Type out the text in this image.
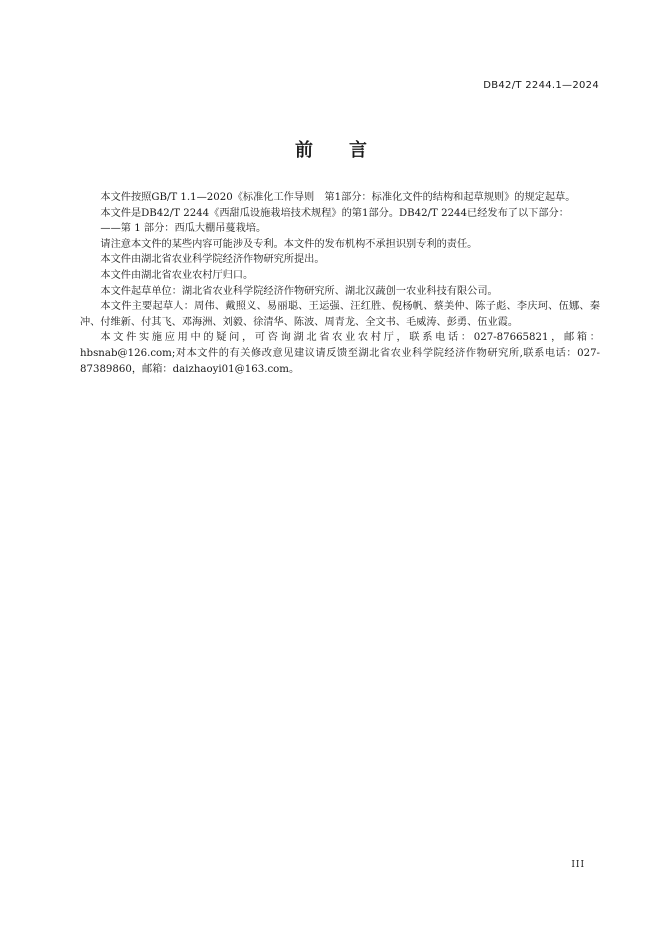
DB42/T 2244.1—2024
前言

本文件按照GB/T 1.1—2020《标准化工作导则　第1部分：标准化文件的结构和起草规则》的规定起草。

本文件是DB42/T 2244《西甜瓜设施栽培技术规程》的第1部分。DB42/T 2244已经发布了以下部分：

——第 1 部分：西瓜大棚吊蔓栽培。

请注意本文件的某些内容可能涉及专利。本文件的发布机构不承担识别专利的责任。

本文件由湖北省农业科学院经济作物研究所提出。

本文件由湖北省农业农村厅归口。

本文件起草单位：湖北省农业科学院经济作物研究所、湖北汉蔬创一农业科技有限公司。

本文件主要起草人：周伟、戴照义、易丽聪、王运强、汪红胜、倪杨帆、蔡美仲、陈子彪、李庆珂、伍娜、秦冲、付维新、付其飞、邓海洲、刘毅、徐清华、陈波、周青龙、全文书、毛威涛、彭勇、伍业霞。

本文件实施应用中的疑问，可咨询湖北省农业农村厅，联系电话：027-87665821，邮箱：hbsnab@126.com;对本文件的有关修改意见建议请反馈至湖北省农业科学院经济作物研究所,联系电话：027-87389860，邮箱：daizhaoyi01@163.com。

III
